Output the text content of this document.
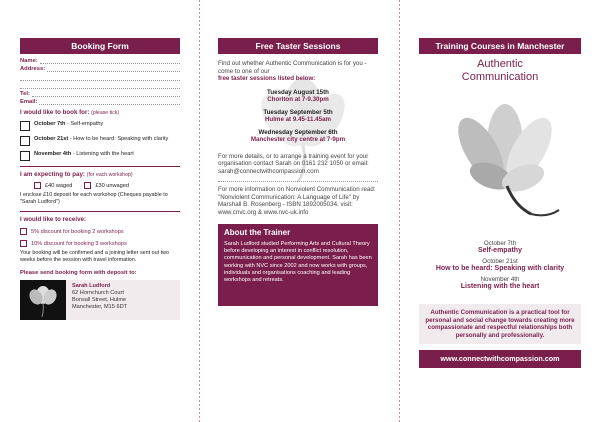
Booking Form
Name:
Address:
Tel:
Email:
I would like to book for: (please tick)
October 7th - Self-empathy
October 21st - How to be heard: Speaking with clarity
November 4th - Listening with the heart
I am expecting to pay: (for each workshop)
£40 waged	£30 unwaged
I enclose £10 deposit for each workshop (Cheques payable to "Sarah Ludford")
I would like to receive:
5% discount for booking 2 workshops
10% discount for booking 3 workshops
Your booking will be confirmed and a joining letter sent out two weeks before the session with travel information.
Please send booking form with deposit to:
Sarah Ludford
62 Hornchurch Court
Bonsall Street, Hulme
Manchester, M15 6DT
Free Taster Sessions
Find out whether Authentic Communication is for you - come to one of our
free taster sessions listed below:
Tuesday August 15th
Chorlton at 7-9.30pm
Tuesday September 5th
Hulme at 9.45-11.45am
Wednesday September 6th
Manchester city centre at 7-9pm
For more details, or to arrange a training event for your organisation contact Sarah on 0161 232 1050 or email: sarah@connectwithcompassion.com
For more information on Nonviolent Communication read: "Nonviolent Communication: A Language of Life" by Marshall B. Rosenberg - ISBN 1892005034. visit: www.cnvc.org & www.nvc-uk.info
About the Trainer

Sarah Ludford studied Performing Arts and Cultural Theory before developing an interest in conflict resolution, communication and personal development. Sarah has been working with NVC since 2002 and now works with groups, individuals and organisations coaching and leading workshops and retreats.

Training Courses in Manchester
Authentic
Communication
October 7th
Self-empathy
October 21st
How to be heard: Speaking with clarity
November 4th
Listening with the heart
Authentic Communication is a practical tool for personal and social change towards creating more compassionate and respectful relationships both personally and professionally.
www.connectwithcompassion.com
